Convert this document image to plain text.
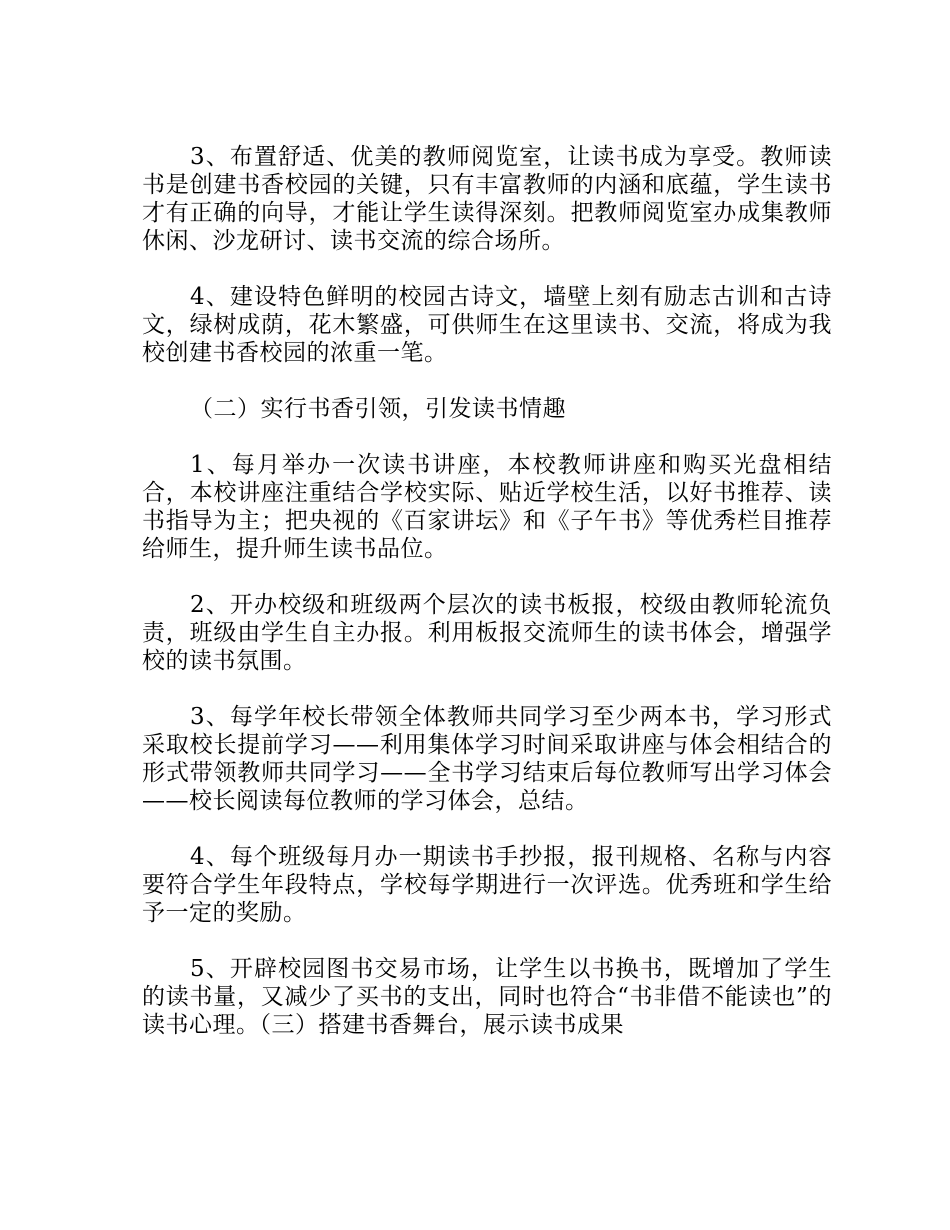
3、布置舒适、优美的教师阅览室，让读书成为享受。教师读书是创建书香校园的关键，只有丰富教师的内涵和底蕴，学生读书才有正确的向导，才能让学生读得深刻。把教师阅览室办成集教师休闲、沙龙研讨、读书交流的综合场所。

4、建设特色鲜明的校园古诗文，墙壁上刻有励志古训和古诗文，绿树成荫，花木繁盛，可供师生在这里读书、交流，将成为我校创建书香校园的浓重一笔。

（二）实行书香引领，引发读书情趣

1、每月举办一次读书讲座，本校教师讲座和购买光盘相结合，本校讲座注重结合学校实际、贴近学校生活，以好书推荐、读书指导为主；把央视的《百家讲坛》和《子午书》等优秀栏目推荐给师生，提升师生读书品位。

2、开办校级和班级两个层次的读书板报，校级由教师轮流负责，班级由学生自主办报。利用板报交流师生的读书体会，增强学校的读书氛围。

3、每学年校长带领全体教师共同学习至少两本书，学习形式采取校长提前学习——利用集体学习时间采取讲座与体会相结合的形式带领教师共同学习——全书学习结束后每位教师写出学习体会——校长阅读每位教师的学习体会，总结。

4、每个班级每月办一期读书手抄报，报刊规格、名称与内容要符合学生年段特点，学校每学期进行一次评选。优秀班和学生给予一定的奖励。

5、开辟校园图书交易市场，让学生以书换书，既增加了学生的读书量，又减少了买书的支出，同时也符合“书非借不能读也”的读书心理。（三）搭建书香舞台，展示读书成果
